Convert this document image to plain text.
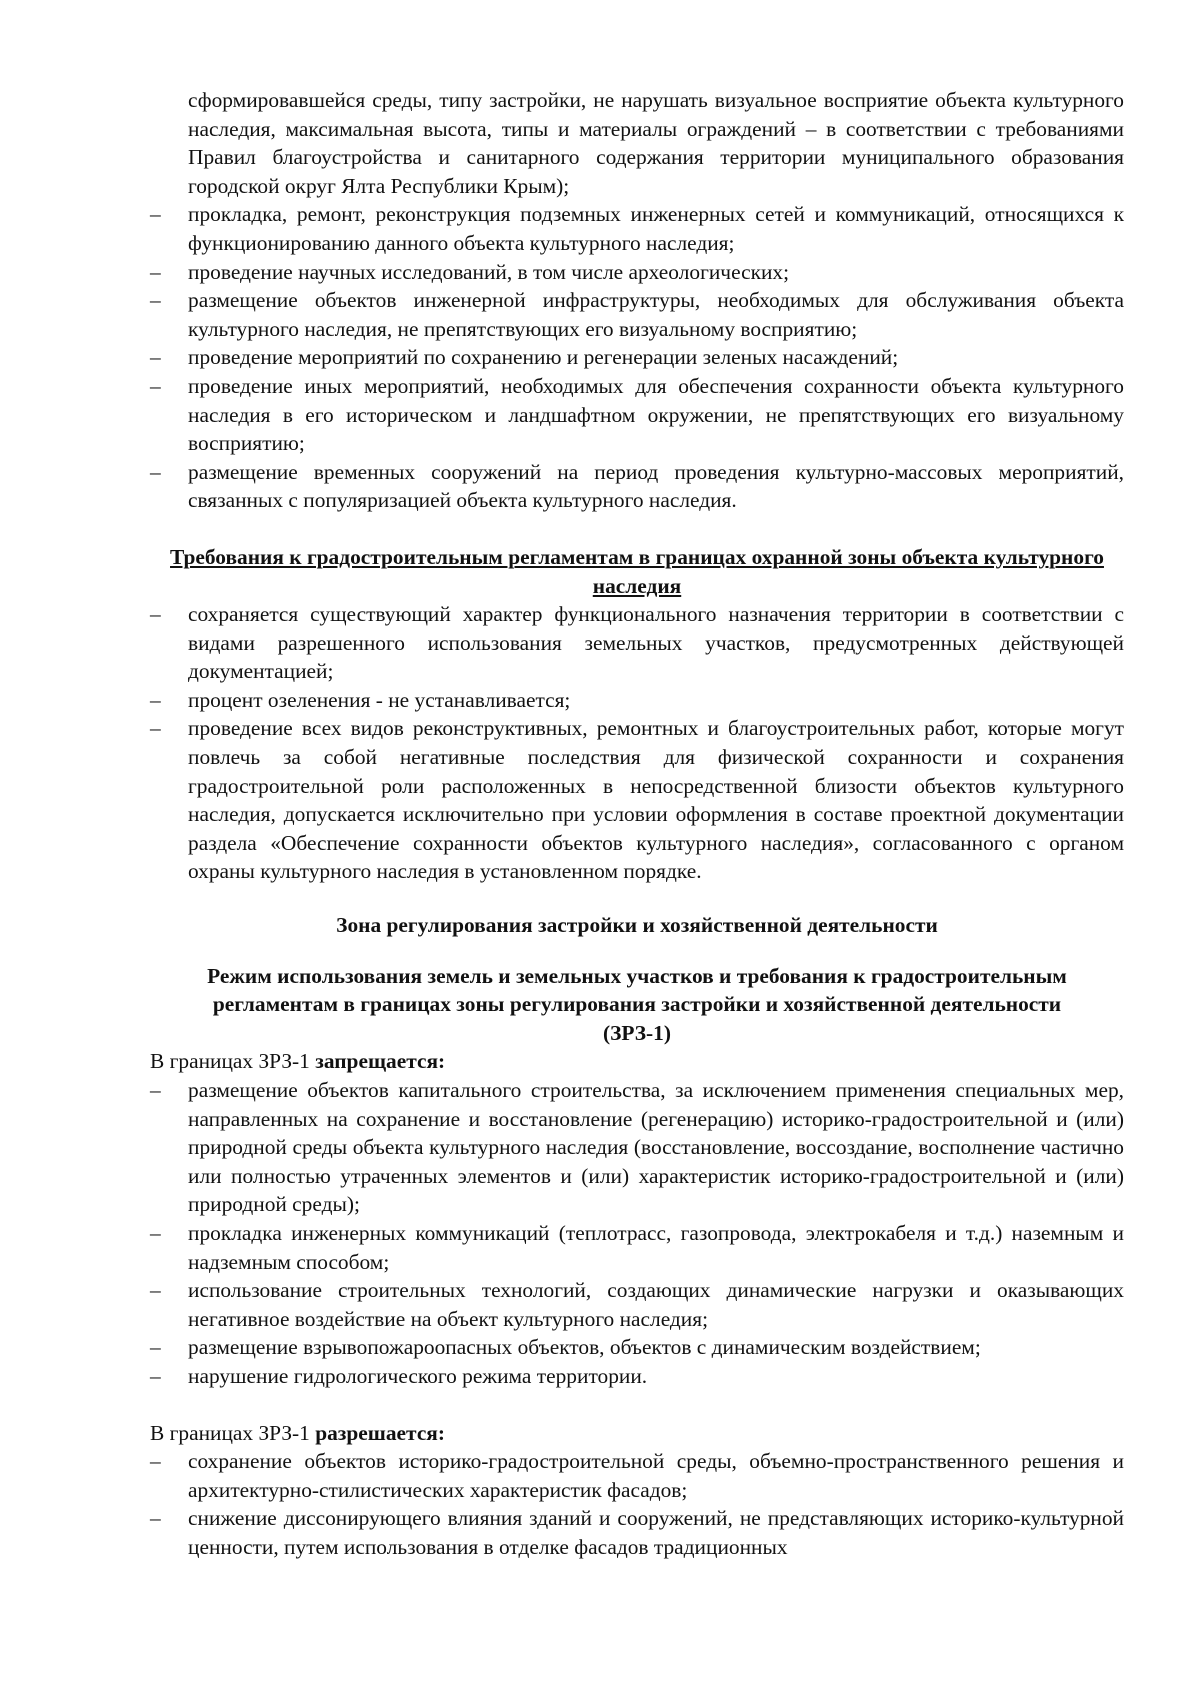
сформировавшейся среды, типу застройки, не нарушать визуальное восприятие объекта культурного наследия, максимальная высота, типы и материалы ограждений – в соответствии с требованиями Правил благоустройства и санитарного содержания территории муниципального образования городской округ Ялта Республики Крым);

–	прокладка, ремонт, реконструкция подземных инженерных сетей и коммуникаций, относящихся к функционированию данного объекта культурного наследия;
–	проведение научных исследований, в том числе археологических;
–	размещение объектов инженерной инфраструктуры, необходимых для обслуживания объекта культурного наследия, не препятствующих его визуальному восприятию;
–	проведение мероприятий по сохранению и регенерации зеленых насаждений;
–	проведение иных мероприятий, необходимых для обеспечения сохранности объекта культурного наследия в его историческом и ландшафтном окружении, не препятствующих его визуальному восприятию;
–	размещение временных сооружений на период проведения культурно-массовых мероприятий, связанных с популяризацией объекта культурного наследия.
Требования к градостроительным регламентам в границах охранной зоны объекта культурного наследия
–	сохраняется существующий характер функционального назначения территории в соответствии с видами разрешенного использования земельных участков, предусмотренных действующей документацией;
–	процент озеленения - не устанавливается;
–	проведение всех видов реконструктивных, ремонтных и благоустроительных работ, которые могут повлечь за собой негативные последствия для физической сохранности и сохранения градостроительной роли расположенных в непосредственной близости объектов культурного наследия, допускается исключительно при условии оформления в составе проектной документации раздела «Обеспечение сохранности объектов культурного наследия», согласованного с органом охраны культурного наследия в установленном порядке.
Зона регулирования застройки и хозяйственной деятельности
Режим использования земель и земельных участков и требования к градостроительным регламентам в границах зоны регулирования застройки и хозяйственной деятельности (ЗРЗ-1)
В границах ЗРЗ-1 запрещается:
–	размещение объектов капитального строительства, за исключением применения специальных мер, направленных на сохранение и восстановление (регенерацию) историко-градостроительной и (или) природной среды объекта культурного наследия (восстановление, воссоздание, восполнение частично или полностью утраченных элементов и (или) характеристик историко-градостроительной и (или) природной среды);
–	прокладка инженерных коммуникаций (теплотрасс, газопровода, электрокабеля и т.д.) наземным и надземным способом;
–	использование строительных технологий, создающих динамические нагрузки и оказывающих негативное воздействие на объект культурного наследия;
–	размещение взрывопожароопасных объектов, объектов с динамическим воздействием;
–	нарушение гидрологического режима территории.
В границах ЗРЗ-1 разрешается:
–	сохранение объектов историко-градостроительной среды, объемно-пространственного решения и архитектурно-стилистических характеристик фасадов;
–	снижение диссонирующего влияния зданий и сооружений, не представляющих историко-культурной ценности, путем использования в отделке фасадов традиционных
